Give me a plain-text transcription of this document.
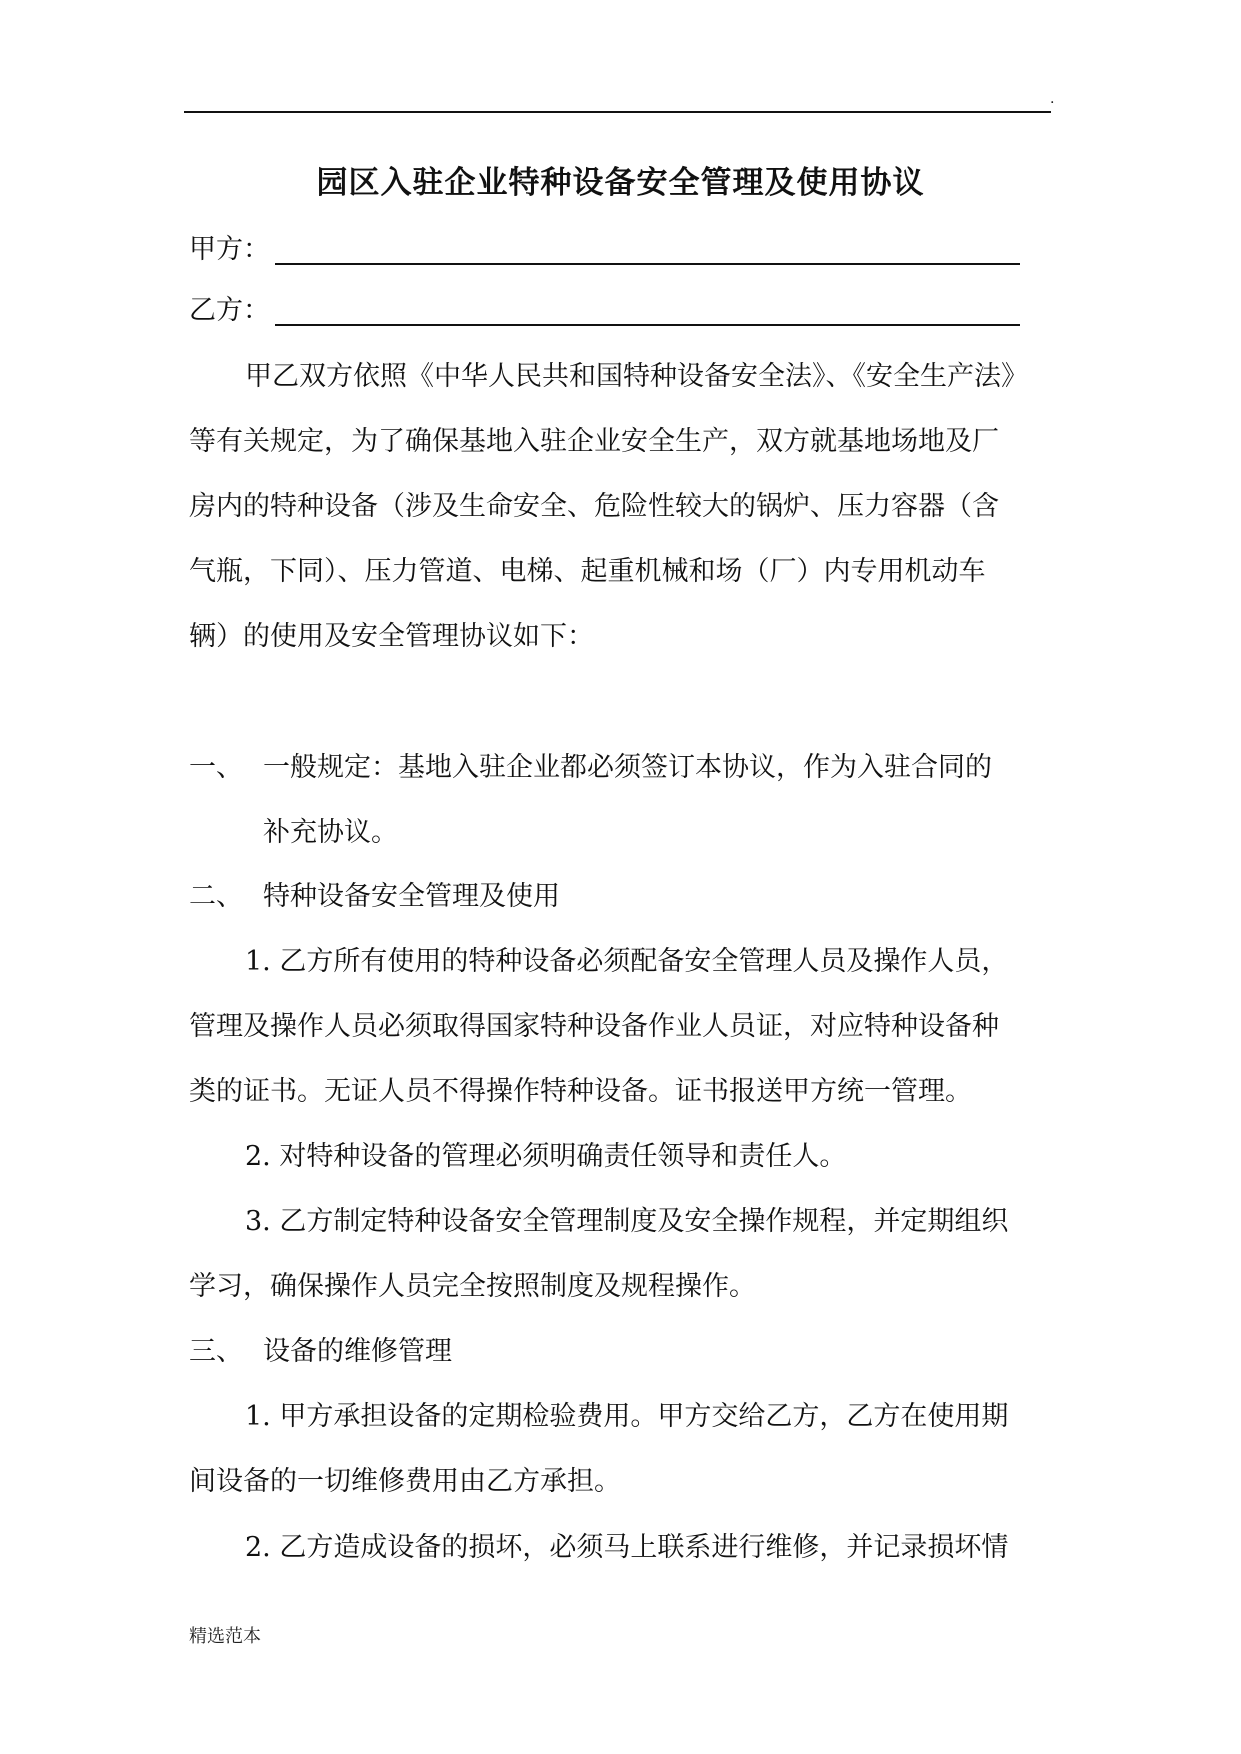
.
园区入驻企业特种设备安全管理及使用协议
甲方：
乙方：
甲乙双方依照《中华人民共和国特种设备安全法》、《安全生产法》
等有关规定，为了确保基地入驻企业安全生产，双方就基地场地及厂
房内的特种设备（涉及生命安全、危险性较大的锅炉、压力容器（含
气瓶，下同）、压力管道、电梯、起重机械和场（厂）内专用机动车
辆）的使用及安全管理协议如下：
一、 一般规定：基地入驻企业都必须签订本协议，作为入驻合同的
补充协议。
二、 特种设备安全管理及使用
1. 乙方所有使用的特种设备必须配备安全管理人员及操作人员，
管理及操作人员必须取得国家特种设备作业人员证，对应特种设备种
类的证书。无证人员不得操作特种设备。证书报送甲方统一管理。
2. 对特种设备的管理必须明确责任领导和责任人。
3. 乙方制定特种设备安全管理制度及安全操作规程，并定期组织
学习，确保操作人员完全按照制度及规程操作。
三、 设备的维修管理
1. 甲方承担设备的定期检验费用。甲方交给乙方，乙方在使用期
间设备的一切维修费用由乙方承担。
2. 乙方造成设备的损坏，必须马上联系进行维修，并记录损坏情
精选范本
